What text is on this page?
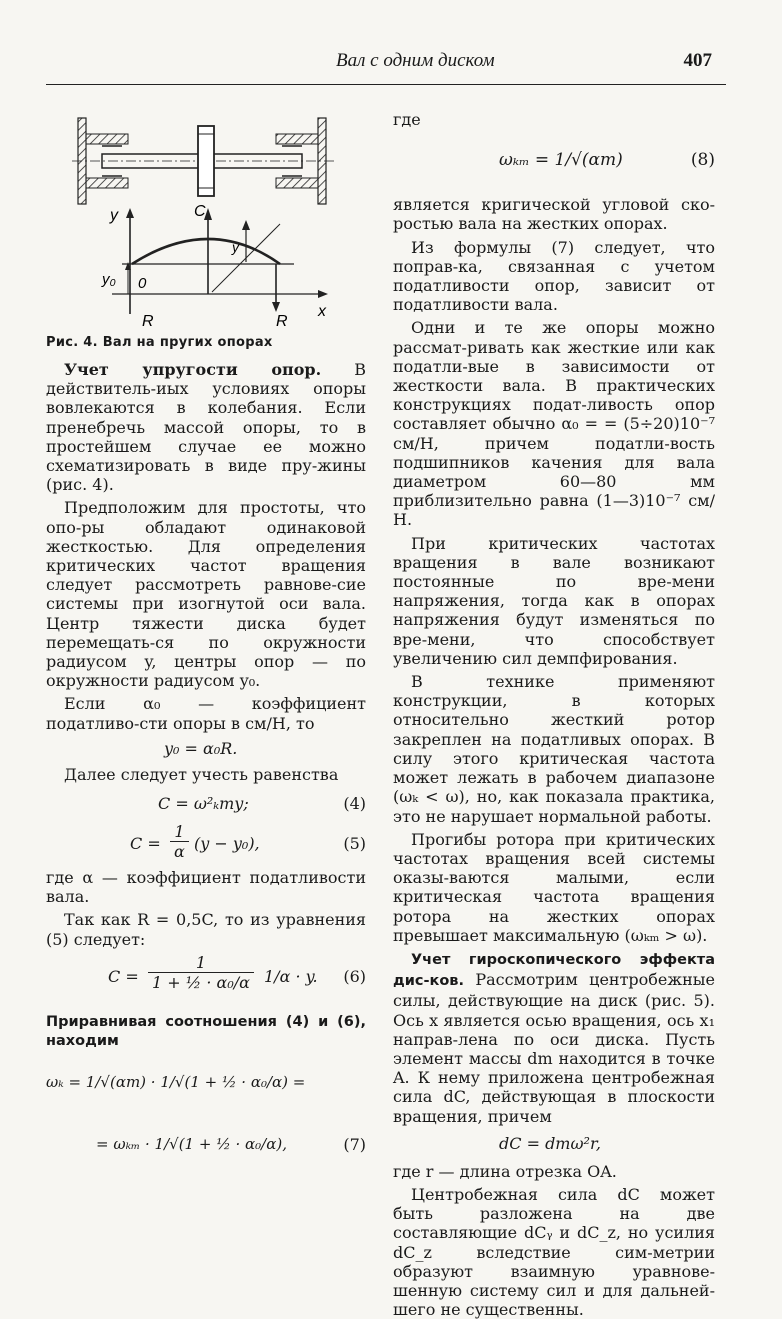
Вал с одним диском	407
y	C
y₀ 0
y
R	R
x
Рис. 4. Вал на пругих опорах

Учет упругости опор. В действитель-иых условиях опоры вовлекаются в колебания. Если пренебречь массой опоры, то в простейшем случае ее можно схематизировать в виде пру-жины (рис. 4).

Предположим для простоты, что опо-ры обладают одинаковой жесткостью. Для определения критических частот вращения следует рассмотреть равнове-сие системы при изогнутой оси вала. Центр тяжести диска будет перемещать-ся по окружности радиусом y, центры опор — по окружности радиусом y₀.

Если α₀ — коэффициент податливо-сти опоры в см/Н, то

y₀ = α₀R.

Далее следует учесть равенства

C = ω²ₖmy;	(4)
$C = \frac{1}{\alpha} (y - y_0)$,	(5)

где α — коэффициент податливости вала.

Так как R = 0,5C, то из уравнения (5) следует:

$C = \frac{1}{\text{1 + ½ · α₀/α}} 1/\alpha \cdot y$. (6)

Приравнивая соотношения (4) и (6), находим

ωₖ = 1/√(αm) · 1/√(1 + ½ · α₀/α) =
= ωₖₘ · 1/√(1 + ½ · α₀/α),	(7)

где

ωₖₘ = 1/√(αm)	(8)

является кригической угловой ско-ростью вала на жестких опорах.

Из формулы (7) следует, что поправ-ка, связанная с учетом податливости опор, зависит от податливости вала.

Одни и те же опоры можно рассмат-ривать как жесткие или как податли-вые в зависимости от жесткости вала. В практических конструкциях подат-ливость опор составляет обычно α₀ = = (5÷20)10⁻⁷ см/Н, причем податли-вость подшипников качения для вала диаметром 60—80 мм приблизительно равна (1—3)10⁻⁷ см/Н.

При критических частотах вращения в вале возникают постоянные по вре-мени напряжения, тогда как в опорах напряжения будут изменяться по вре-мени, что способствует увеличению сил демпфирования.

В технике применяют конструкции, в которых относительно жесткий ротор закреплен на податливых опорах. В силу этого критическая частота может лежать в рабочем диапазоне (ωₖ < ω), но, как показала практика, это не нарушает нормальной работы.

Прогибы ротора при критических частотах вращения всей системы оказы-ваются малыми, если критическая частота вращения ротора на жестких опорах превышает максимальную (ωₖₘ > ω).

Учет гироскопического эффекта дис-ков. Рассмотрим центробежные силы, действующие на диск (рис. 5). Ось x является осью вращения, ось x₁ направ-лена по оси диска. Пусть элемент массы dm находится в точке A. К нему приложена центробежная сила dC, действующая в плоскости вращения, причем

dC = dmω²r,

где r — длина отрезка OA.

Центробежная сила dC может быть разложена на две составляющие dCᵧ и dC_z, но усилия dC_z вследствие сим-метрии образуют взаимную уравнове-шенную систему сил и для дальней-шего не существенны.
